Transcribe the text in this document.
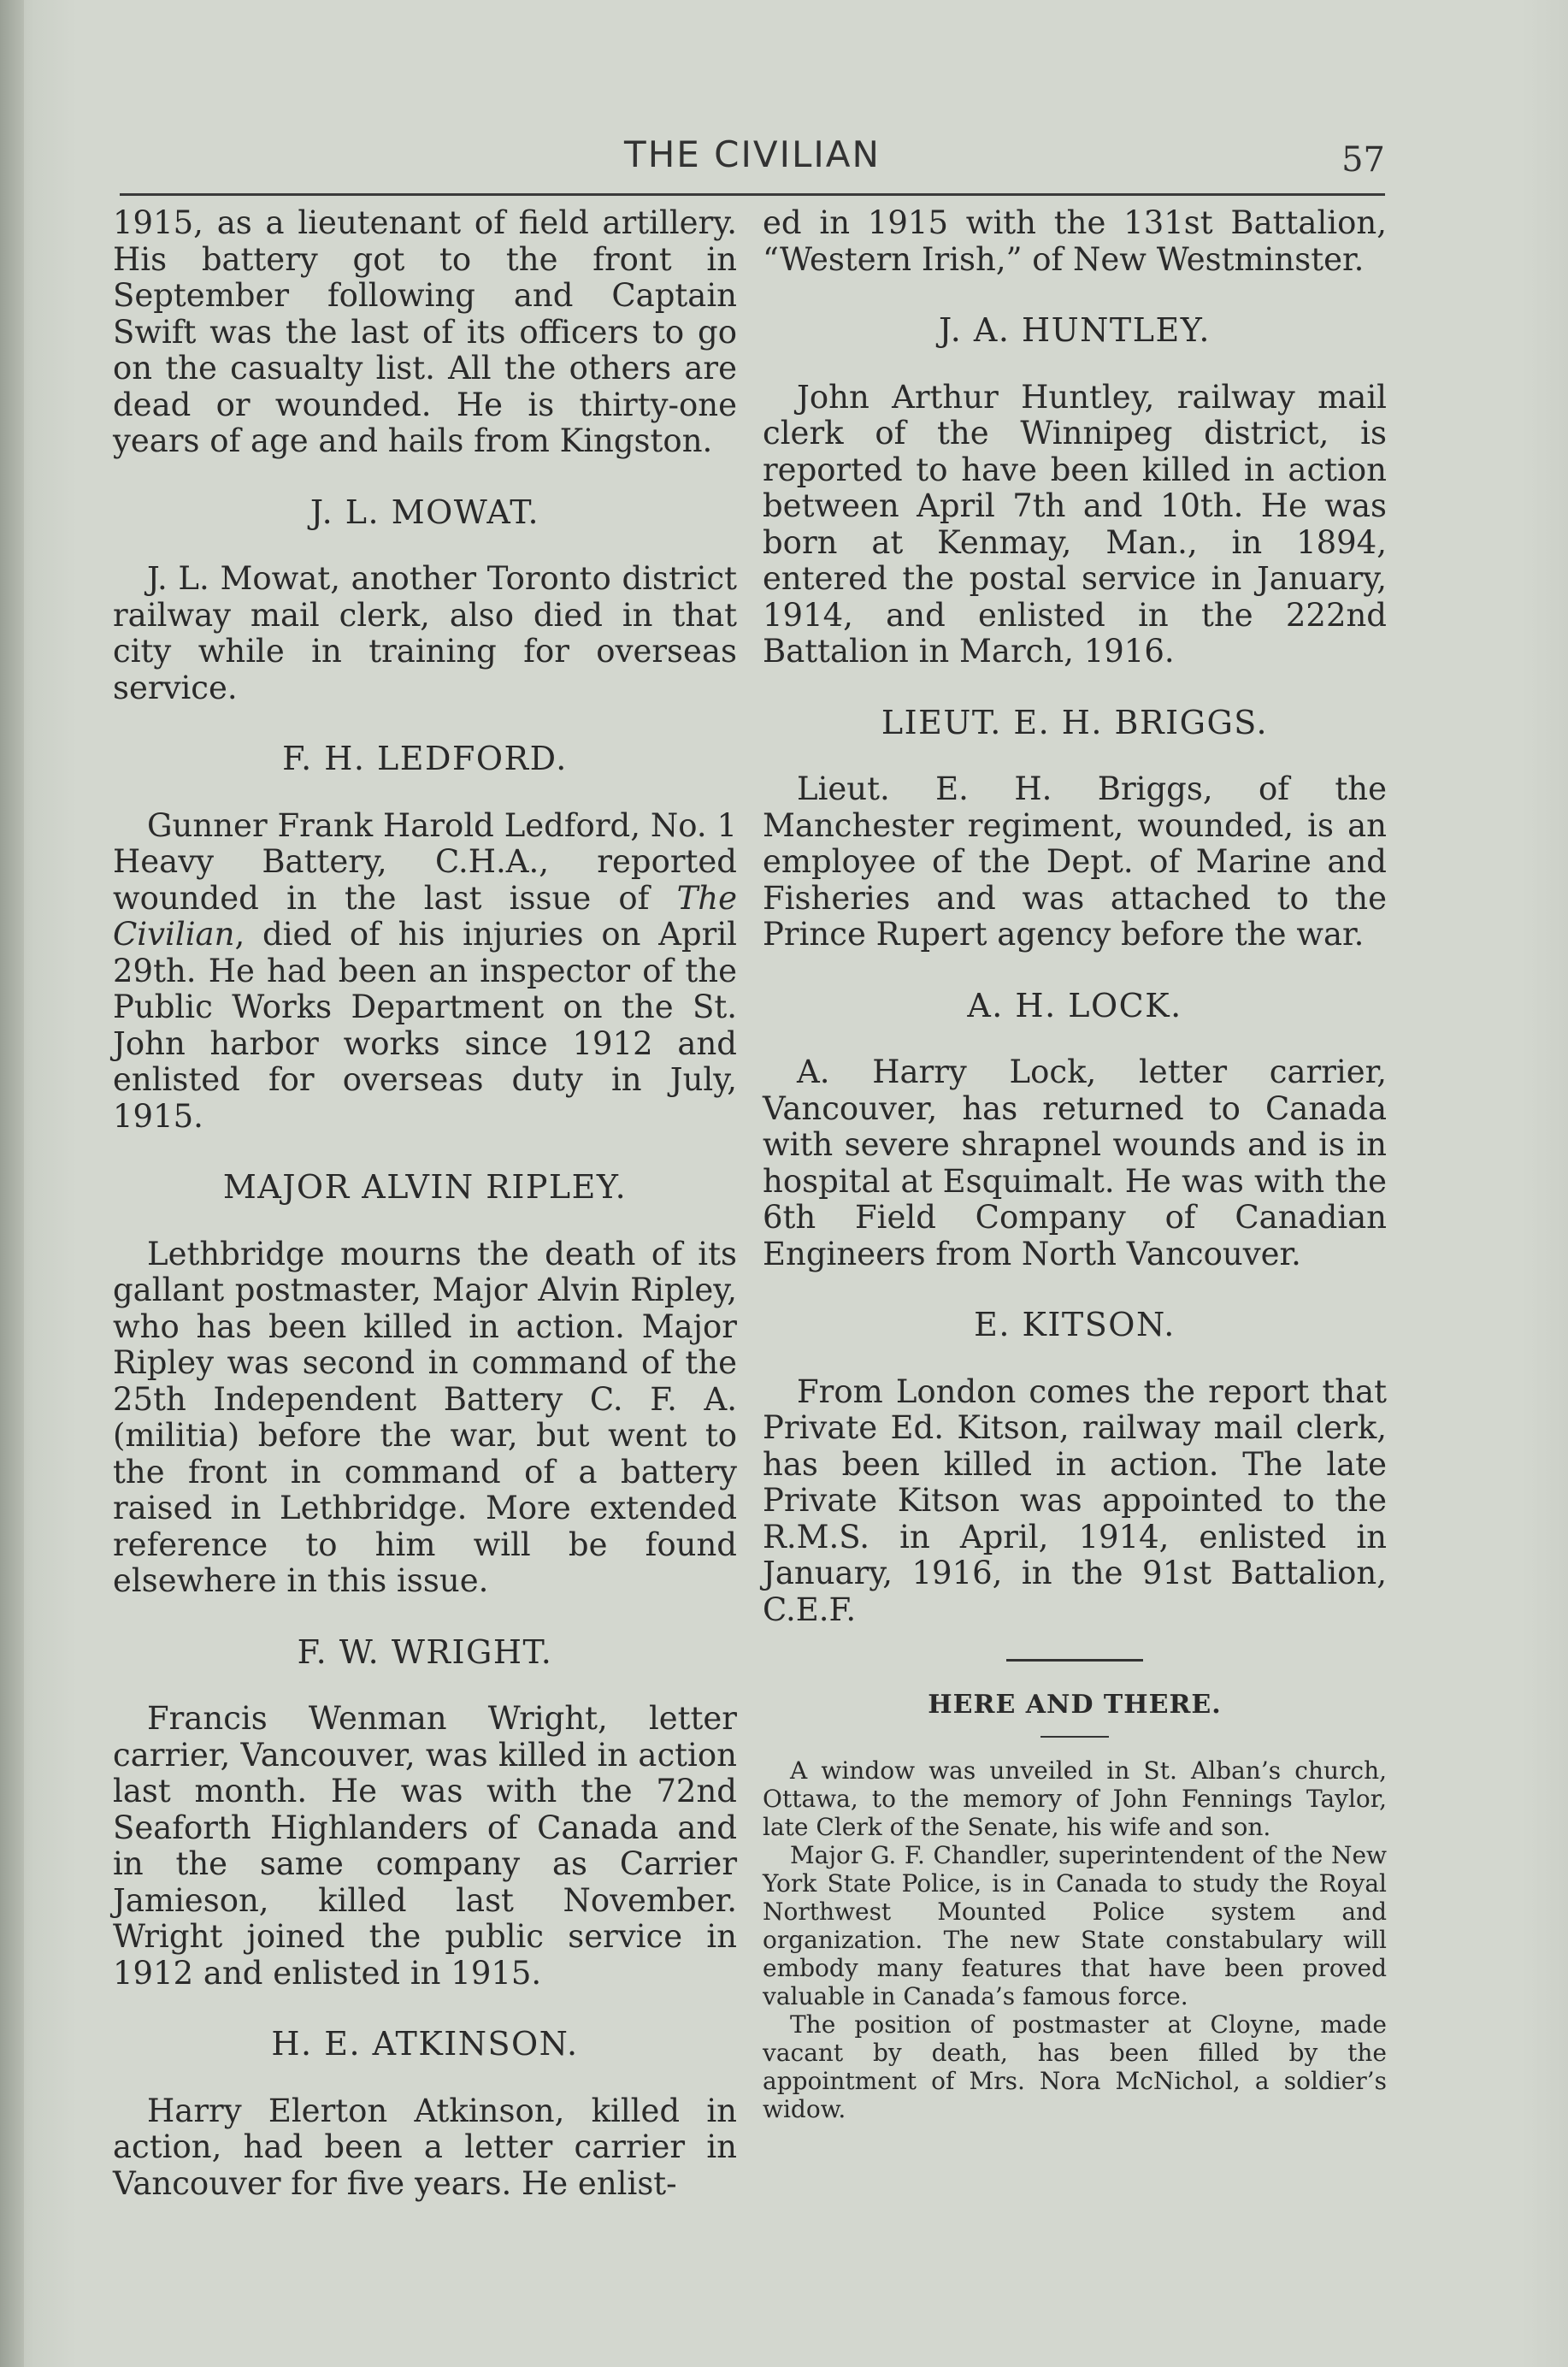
THE CIVILIAN	57

1915, as a lieutenant of field artillery. His battery got to the front in September following and Captain Swift was the last of its officers to go on the casualty list. All the others are dead or wounded. He is thirty-one years of age and hails from Kingston.

J. L. MOWAT.

J. L. Mowat, another Toronto district railway mail clerk, also died in that city while in training for overseas service.

F. H. LEDFORD.

Gunner Frank Harold Ledford, No. 1 Heavy Battery, C.H.A., reported wounded in the last issue of The Civilian, died of his injuries on April 29th. He had been an inspector of the Public Works Department on the St. John harbor works since 1912 and enlisted for overseas duty in July, 1915.

MAJOR ALVIN RIPLEY.

Lethbridge mourns the death of its gallant postmaster, Major Alvin Ripley, who has been killed in action. Major Ripley was second in command of the 25th Independent Battery C. F. A. (militia) before the war, but went to the front in command of a battery raised in Lethbridge. More extended reference to him will be found elsewhere in this issue.

F. W. WRIGHT.

Francis Wenman Wright, letter carrier, Vancouver, was killed in action last month. He was with the 72nd Seaforth Highlanders of Canada and in the same company as Carrier Jamieson, killed last November. Wright joined the public service in 1912 and enlisted in 1915.

H. E. ATKINSON.

Harry Elerton Atkinson, killed in action, had been a letter carrier in Vancouver for five years. He enlist-

ed in 1915 with the 131st Battalion, “Western Irish,” of New Westminster.

J. A. HUNTLEY.

John Arthur Huntley, railway mail clerk of the Winnipeg district, is reported to have been killed in action between April 7th and 10th. He was born at Kenmay, Man., in 1894, entered the postal service in January, 1914, and enlisted in the 222nd Battalion in March, 1916.

LIEUT. E. H. BRIGGS.

Lieut. E. H. Briggs, of the Manchester regiment, wounded, is an employee of the Dept. of Marine and Fisheries and was attached to the Prince Rupert agency before the war.

A. H. LOCK.

A. Harry Lock, letter carrier, Vancouver, has returned to Canada with severe shrapnel wounds and is in hospital at Esquimalt. He was with the 6th Field Company of Canadian Engineers from North Vancouver.

E. KITSON.

From London comes the report that Private Ed. Kitson, railway mail clerk, has been killed in action. The late Private Kitson was appointed to the R.M.S. in April, 1914, enlisted in January, 1916, in the 91st Battalion, C.E.F.

HERE AND THERE.

A window was unveiled in St. Alban’s church, Ottawa, to the memory of John Fennings Taylor, late Clerk of the Senate, his wife and son.

Major G. F. Chandler, superintendent of the New York State Police, is in Canada to study the Royal Northwest Mounted Police system and organization. The new State constabulary will embody many features that have been proved valuable in Canada’s famous force.

The position of postmaster at Cloyne, made vacant by death, has been filled by the appointment of Mrs. Nora McNichol, a soldier’s widow.
